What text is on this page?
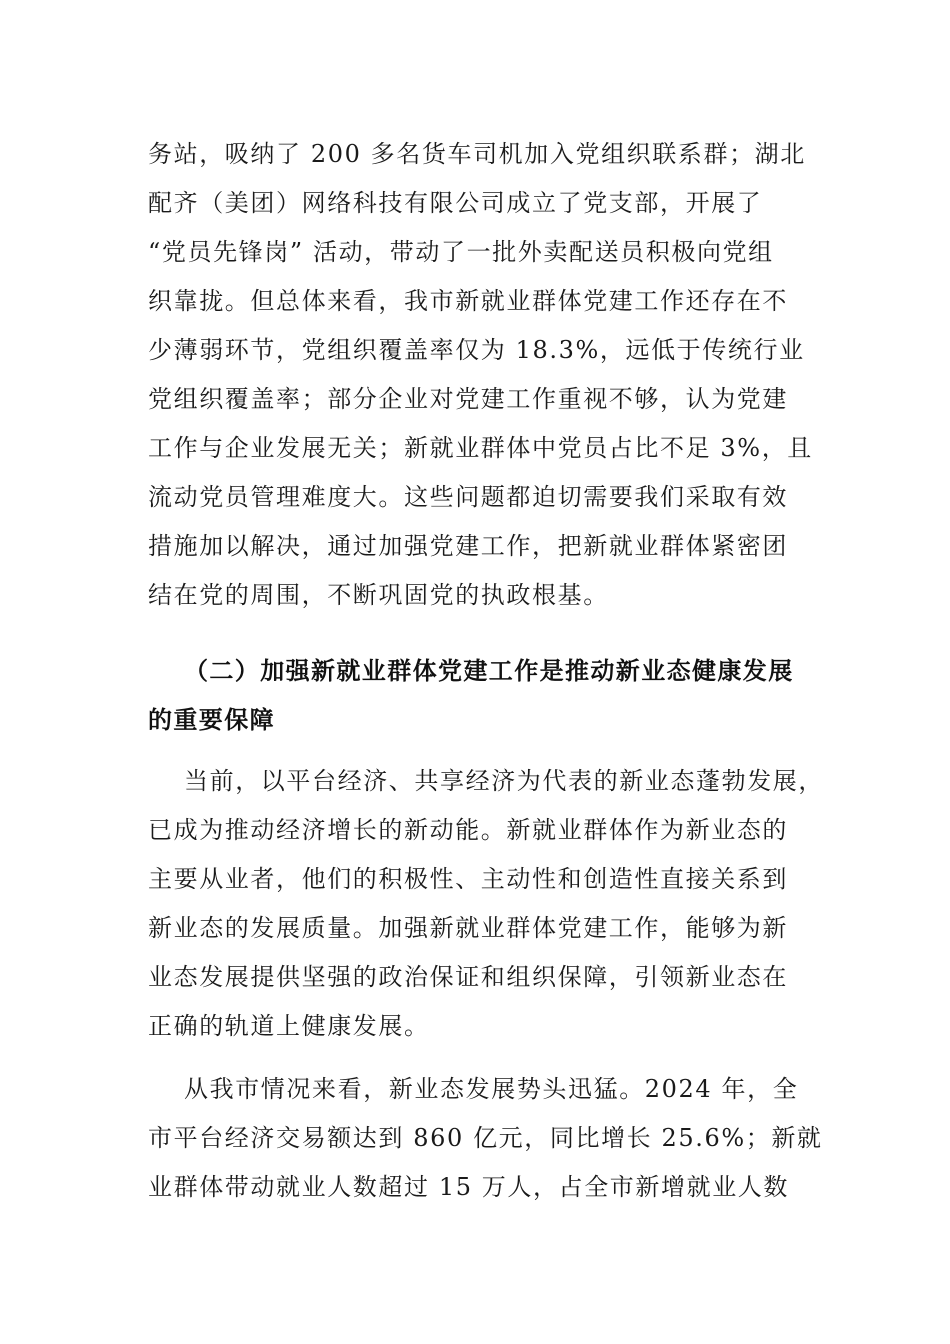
务站，吸纳了 200 多名货车司机加入党组织联系群；湖北
配齐（美团）网络科技有限公司成立了党支部，开展了
“党员先锋岗” 活动，带动了一批外卖配送员积极向党组
织靠拢。但总体来看，我市新就业群体党建工作还存在不
少薄弱环节，党组织覆盖率仅为 18.3%，远低于传统行业
党组织覆盖率；部分企业对党建工作重视不够，认为党建
工作与企业发展无关；新就业群体中党员占比不足 3%，且
流动党员管理难度大。这些问题都迫切需要我们采取有效
措施加以解决，通过加强党建工作，把新就业群体紧密团
结在党的周围，不断巩固党的执政根基。
（二）加强新就业群体党建工作是推动新业态健康发展
的重要保障
当前，以平台经济、共享经济为代表的新业态蓬勃发展，
已成为推动经济增长的新动能。新就业群体作为新业态的
主要从业者，他们的积极性、主动性和创造性直接关系到
新业态的发展质量。加强新就业群体党建工作，能够为新
业态发展提供坚强的政治保证和组织保障，引领新业态在
正确的轨道上健康发展。
从我市情况来看，新业态发展势头迅猛。2024 年，全
市平台经济交易额达到 860 亿元，同比增长 25.6%；新就
业群体带动就业人数超过 15 万人，占全市新增就业人数
